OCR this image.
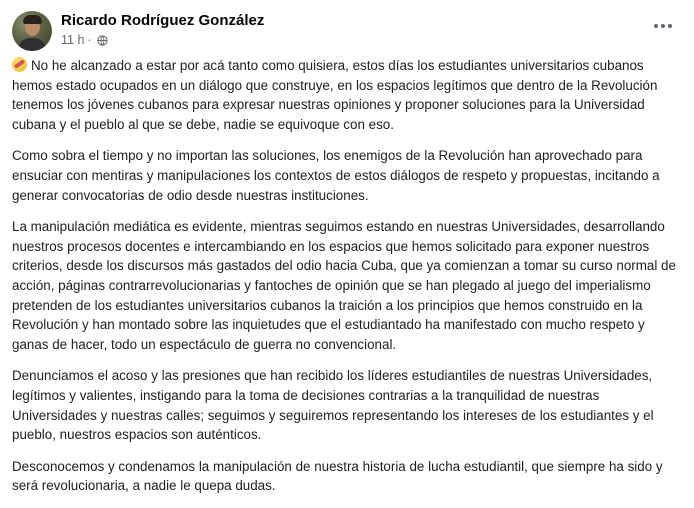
Ricardo Rodríguez González
11 h ·

No he alcanzado a estar por acá tanto como quisiera, estos días los estudiantes universitarios cubanos hemos estado ocupados en un diálogo que construye, en los espacios legítimos que dentro de la Revolución tenemos los jóvenes cubanos para expresar nuestras opiniones y proponer soluciones para la Universidad cubana y el pueblo al que se debe, nadie se equivoque con eso.

Como sobra el tiempo y no importan las soluciones, los enemigos de la Revolución han aprovechado para ensuciar con mentiras y manipulaciones los contextos de estos diálogos de respeto y propuestas, incitando a generar convocatorias de odio desde nuestras instituciones.

La manipulación mediática es evidente, mientras seguimos estando en nuestras Universidades, desarrollando nuestros procesos docentes e intercambiando en los espacios que hemos solicitado para exponer nuestros criterios, desde los discursos más gastados del odio hacia Cuba, que ya comienzan a tomar su curso normal de acción, páginas contrarrevolucionarias y fantoches de opinión que se han plegado al juego del imperialismo pretenden de los estudiantes universitarios cubanos la traición a los principios que hemos construido en la Revolución y han montado sobre las inquietudes que el estudiantado ha manifestado con mucho respeto y ganas de hacer, todo un espectáculo de guerra no convencional.

Denunciamos el acoso y las presiones que han recibido los líderes estudiantiles de nuestras Universidades, legítimos y valientes, instigando para la toma de decisiones contrarias a la tranquilidad de nuestras Universidades y nuestras calles; seguimos y seguiremos representando los intereses de los estudiantes y el pueblo, nuestros espacios son auténticos.

Desconocemos y condenamos la manipulación de nuestra historia de lucha estudiantil, que siempre ha sido y será revolucionaria, a nadie le quepa dudas.
